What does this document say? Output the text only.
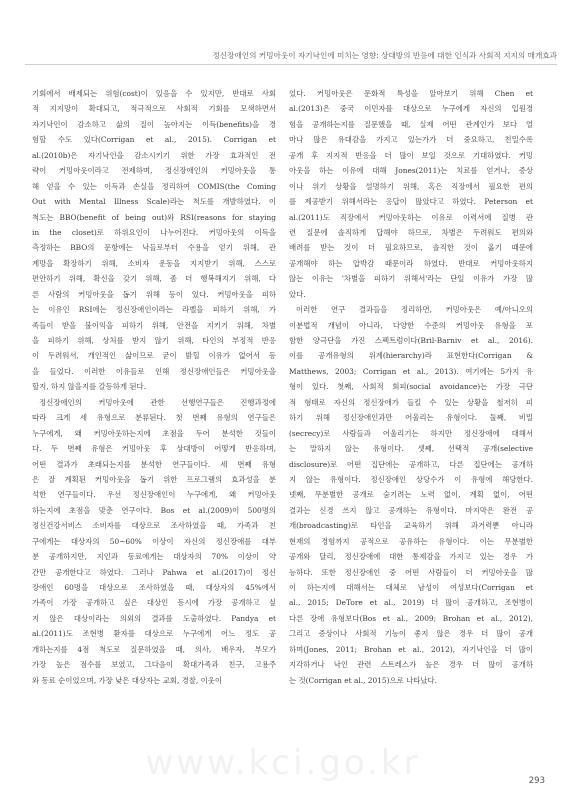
정신장애인의 커밍아웃이 자기낙인에 미치는 영향: 상대방의 반응에 대한 인식과 사회적 지지의 매개효과
기회에서 배제되는 위험(cost)이 있음을 수 있지만, 반대로 사회
적 지지망이 확대되고, 적극적으로 사회적 기회를 모색하면서
자기낙인이 감소하고 삶의 질이 높아지는 이득(benefits)을 경
험할 수도 있다(Corrigan et al., 2015). Corrigan et
al.(2010b)은 자기낙인을 감소시키기 위한 가장 효과적인 전
략이 커밍아웃이라고 전제하며, 정신장애인의 커밍아웃을 통
해 얻을 수 있는 이득과 손실을 정리하여 COMIS(the Coming
Out with Mental Illness Scale)라는 척도를 개발하였다. 이
척도는 BBO(benefit of being out)와 RSI(reasons for staying
in the closet)로 하위요인이 나누어진다. 커밍아웃의 이득을
측정하는 BBO의 문항에는 낙들로부터 수용을 얻기 위해, 관
계망을 확장하기 위해, 소비자 운동을 지지받기 위해, 스스로
편안하기 위해, 확신을 갖기 위해, 좀 더 행복해지기 위해, 다
른 사람의 커밍아웃을 돕기 위해 등이 있다. 커밍아웃을 피하
는 이유인 RSI에는 정신장애인이라는 라벨을 피하기 위해, 가
족들이 받을 불이익을 피하기 위해, 안전을 지키기 위해, 차별
을 피하기 위해, 상처를 받지 않기 위해, 타인의 부정적 반응
이 두려워서, 개인적인 삶이므로 굳이 밝힐 이유가 없어서 등
을 들었다. 이러한 이유들로 인해 정신장애인들은 커밍아웃을
할지, 하지 않을지를 갈등하게 된다.
정신장애인의 커밍아웃에 관한 선행연구들은 진행과정에
따라 크게 세 유형으로 분류된다. 첫 번째 유형의 연구들은
누구에게, 왜 커밍아웃하는지에 초점을 두어 분석한 것들이
다. 두 번째 유형은 커밍아웃 후 상대방이 어떻게 반응하며,
어떤 결과가 초래되는지를 분석한 연구들이다. 세 번째 유형
은 잘 계획된 커밍아웃을 돕기 위한 프로그램의 효과성을 분
석한 연구들이다. 우선 정신장애인이 누구에게, 왜 커밍아웃
하는지에 초점을 맞춘 연구이다. Bos et al.(2009)이 500명의
정신건강서비스 소비자를 대상으로 조사하였을 때, 가족과 친
구에게는 대상자의 50~60% 이상이 자신의 정신장애를 대부
분 공개하지만, 지인과 동료에게는 대상자의 70% 이상이 약
간만 공개한다고 하였다. 그러나 Pahwa et al.(2017)이 정신
장애인 60명을 대상으로 조사하였을 때, 대상자의 45%에서
가족이 가장 공개하고 싶은 대상인 동시에 가장 공개하고 싶
지 않은 대상이라는 의외의 결과를 도출하였다. Pandya et
al.(2011)도 조현병 환자를 대상으로 누구에게 어느 정도 공
개하는지를 4점 척도로 질문하였을 때, 의사, 배우자, 부모가
가장 높은 점수를 보였고, 그다음이 확대가족과 친구, 고용주
와 동료 순이었으며, 가장 낮은 대상자는 교회, 경찰, 이웃이
었다. 커밍아웃은 문화적 특성을 알아보기 위해 Chen et
al.(2013)은 중국 이민자를 대상으로 누구에게 자신의 입원경
험을 공개하는지를 질문했을 때, 실제 어떤 관계인가 보다 얼
마나 많은 유대감을 가지고 있는가가 더 중요하고, 친밀수록
공개 후 지지적 반응을 더 많이 보일 것으로 기대하였다. 커밍
아웃을 하는 이유에 대해 Jones(2011)는 치료를 얻거나, 증상
이나 위기 상황을 설명하기 위해, 혹은 직장에서 필요한 편의
를 제공받기 위해서라는 응답이 많았다고 하였다. Peterson et
al.(2011)도 직장에서 커밍아웃하는 이유로 이력서에 질병 관
련 질문에 솔직하게 답해야 하므로, 차별은 두려워도 편의와
배려를 받는 것이 더 필요하므로, 솔직한 것이 옳기 때문에
공개해야 하는 압박감 때문이라 하였다. 반대로 커밍아웃하지
않는 이유는 '차별을 피하기 위해서'라는 단일 이유가 가장 많
았다.
이러한 연구 결과들을 정리하면, 커밍아웃은 예/아니오의
이분법적 개념이 아니라, 다양한 수준의 커밍아웃 유형을 포
함한 양극단을 가진 스펙트럼이다(Bril-Barniv et al., 2016).
이를 공개유형의 위계(hierarchy)라 표현한다(Corrigan &
Matthews, 2003; Corrigan et al., 2013). 여기에는 5가지 유
형이 있다. 첫째, 사회적 회피(social avoidance)는 가장 극단
적 형태로 자신의 정신장애가 들킬 수 있는 상황을 철저히 피
하기 위해 정신장애인과만 어울리는 유형이다. 둘째, 비밀
(secrecy)로 사람들과 어울리기는 하지만 정신장애에 대해서
는 말하지 않는 유형이다. 셋째, 선택적 공개(selective
disclosure)로 어떤 집단에는 공개하고, 다른 집단에는 공개하
지 않는 유형이다. 정신장애인 상당수가 이 유형에 해당한다.
넷째, 무분별한 공개로 숨기려는 노력 없이, 계획 없이, 어떤
결과는 신경 쓰지 않고 공개하는 유형이다. 마지막은 완전 공
개(broadcasting)로 타인을 교육하기 위해 과거력뿐 아니라
현재의 경험까지 공적으로 공유하는 유형이다. 이는 무분별한
공개와 달리, 정신장애에 대한 통제감을 가지고 있는 경우 가
능하다. 또한 정신장애인 중 어떤 사람들이 더 커밍아웃을 많
이 하는지에 대해서는 대체로 남성이 여성보다(Corrigan et
al., 2015; DeTore et al., 2019) 더 많이 공개하고, 조현병이
다른 장애 유형보다(Bos et al., 2009; Brohan et al., 2012),
그리고 증상이나 사회적 기능이 좋지 않은 경우 더 많이 공개
하며(Jones, 2011; Brohan et al., 2012), 자기낙인을 더 많이
지각하거나 낙인 관련 스트레스가 높은 경우 더 많이 공개하
는 것(Corrigan et al., 2015)으로 나타났다.
www.kci.go.kr	293
